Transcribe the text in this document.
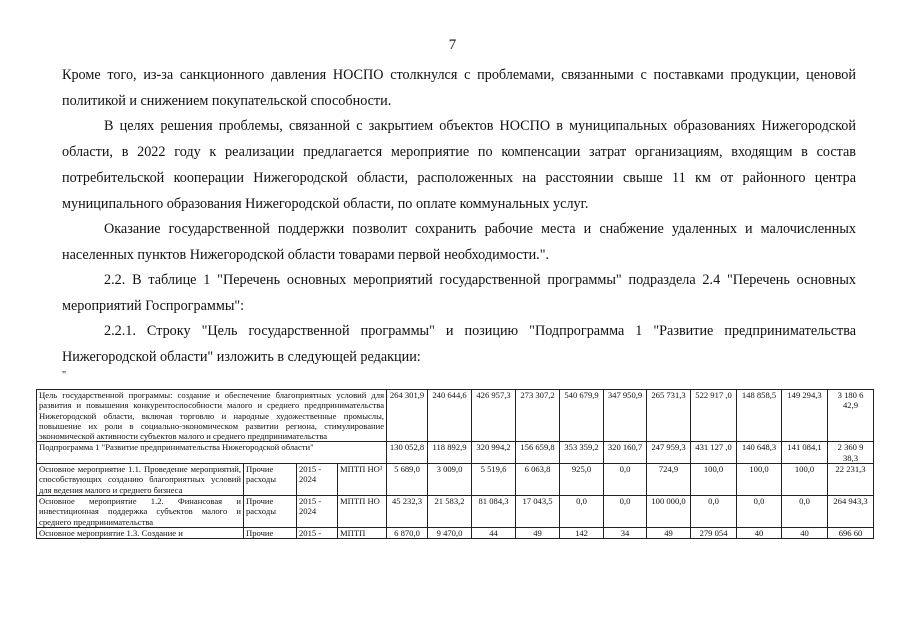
7

Кроме того, из-за санкционного давления НОСПО столкнулся с проблемами, связанными с поставками продукции, ценовой политикой и снижением покупательской способности.

В целях решения проблемы, связанной с закрытием объектов НОСПО в муниципальных образованиях Нижегородской области, в 2022 году к реализации предлагается мероприятие по компенсации затрат организациям, входящим в состав потребительской кооперации Нижегородской области, расположенных на расстоянии свыше 11 км от районного центра муниципального образования Нижегородской области, по оплате коммунальных услуг.

Оказание государственной поддержки позволит сохранить рабочие места и снабжение удаленных и малочисленных населенных пунктов Нижегородской области товарами первой необходимости.".

2.2. В таблице 1 "Перечень основных мероприятий государственной программы" подраздела 2.4 "Перечень основных мероприятий Госпрограммы":

2.2.1. Строку "Цель государственной программы" и позицию "Подпрограмма 1 "Развитие предпринимательства Нижегородской области" изложить в следующей редакции:

"
Цель государственной программы: создание и обеспечение благоприятных условий для развития и повышения конкурентоспособности малого и среднего предпринимательства Нижегородской области, включая торговлю и народные художественные промыслы, повышение их роли в социально-экономическом развитии региона, стимулирование экономической активности субъектов малого и среднего предпринимательства				264 301,9	240 644,6	426 957,3	273 307,2	540 679,9	347 950,9	265 731,3	522 917 ,0	148 858,5	149 294,3	3 180 6 42,9
Подпрограмма 1 "Развитие предпринимательства Нижегородской области"				130 052,8	118 892,9	320 994,2	156 659,8	353 359,2	320 160,7	247 959,3	431 127 ,0	140 648,3	141 084,1	2 360 9 38,3
Основное мероприятие 1.1. Проведение мероприятий, способствующих созданию благоприятных условий для ведения малого и среднего бизнеса	Прочие расходы	2015 - 2024	МПТП НО¹	5 689,0	3 009,0	5 519,6	6 063,8	925,0	0,0	724,9	100,0	100,0	100,0	22 231,3
Основное мероприятие 1.2. Финансовая и инвестиционная поддержка субъектов малого и среднего предпринимательства	Прочие расходы	2015 - 2024	МПТП НО	45 232,3	21 583,2	81 084,3	17 043,5	0,0	0,0	100 000,0	0,0	0,0	0,0	264 943,3
Основное мероприятие 1.3. Создание и	Прочие	2015 -	МПТП	6 870,0	9 470,0	44	49	142	34	49	279 054	40	40	696 60
